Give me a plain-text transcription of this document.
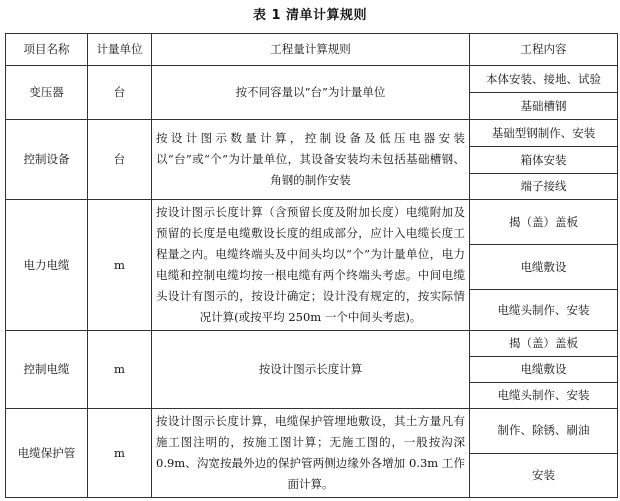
表 1 清单计算规则
项目名称	计量单位	工程量计算规则	工程内容
变压器	台	按不同容量以“台”为计量单位	本体安装、接地、试验
			基础槽钢
控制设备	台	按设计图示数量计算，控制设备及低压电器安装以“台”或“个”为计量单位，其设备安装均未包括基础槽钢、角钢的制作安装	基础型钢制作、安装
			箱体安装
			端子接线
电力电缆	m	按设计图示长度计算（含预留长度及附加长度）电缆附加及预留的长度是电缆敷设长度的组成部分，应计入电缆长度工程量之内。电缆终端头及中间头均以“个”为计量单位，电力电缆和控制电缆均按一根电缆有两个终端头考虑。中间电缆头设计有图示的，按设计确定；设计没有规定的，按实际情况计算(或按平均 250m 一个中间头考虑)。	揭（盖）盖板
			电缆敷设
			电缆头制作、安装
控制电缆	m	按设计图示长度计算	揭（盖）盖板
			电缆敷设
			电缆头制作、安装
电缆保护管	m	按设计图示长度计算，电缆保护管埋地敷设，其土方量凡有施工图注明的，按施工图计算；无施工图的，一般按沟深 0.9m、沟宽按最外边的保护管两侧边缘外各增加 0.3m 工作面计算。	制作、除锈、刷油
			安装
